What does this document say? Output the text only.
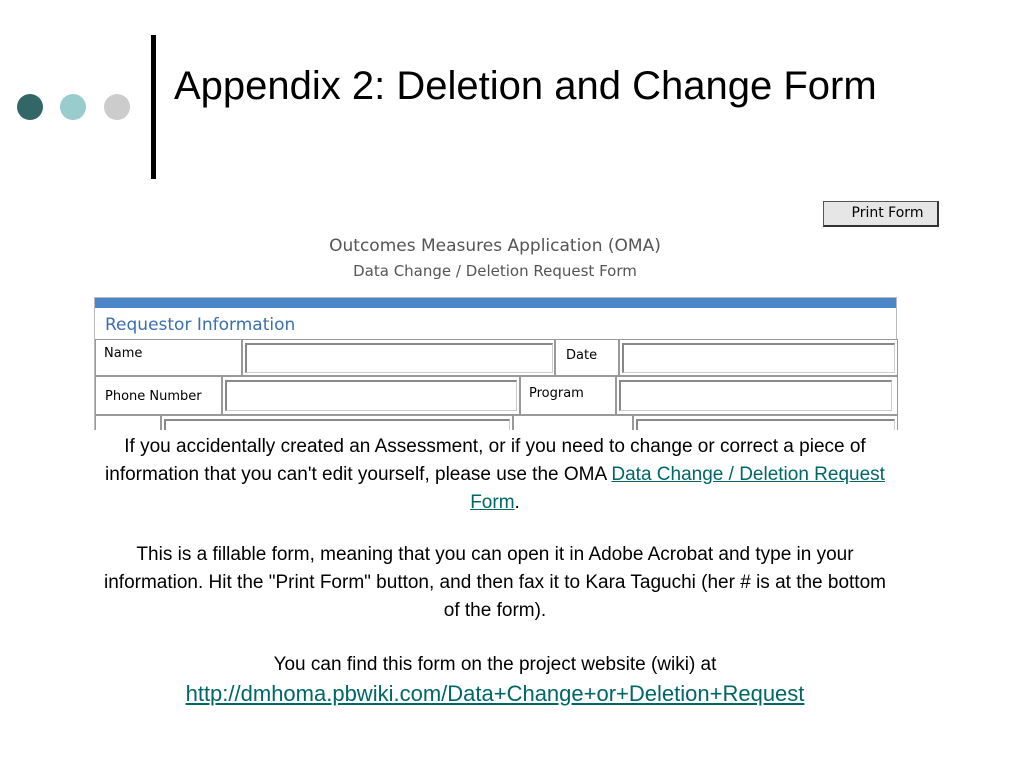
Appendix 2: Deletion and Change Form
Print Form
Outcomes Measures Application (OMA)
Data Change / Deletion Request Form
Requestor Information
Name	Date
Phone Number	Program
If you accidentally created an Assessment, or if you need to change or correct a piece of information that you can't edit yourself, please use the OMA Data Change / Deletion Request Form.
This is a fillable form, meaning that you can open it in Adobe Acrobat and type in your information. Hit the "Print Form" button, and then fax it to Kara Taguchi (her # is at the bottom of the form).
You can find this form on the project website (wiki) at
http://dmhoma.pbwiki.com/Data+Change+or+Deletion+Request
